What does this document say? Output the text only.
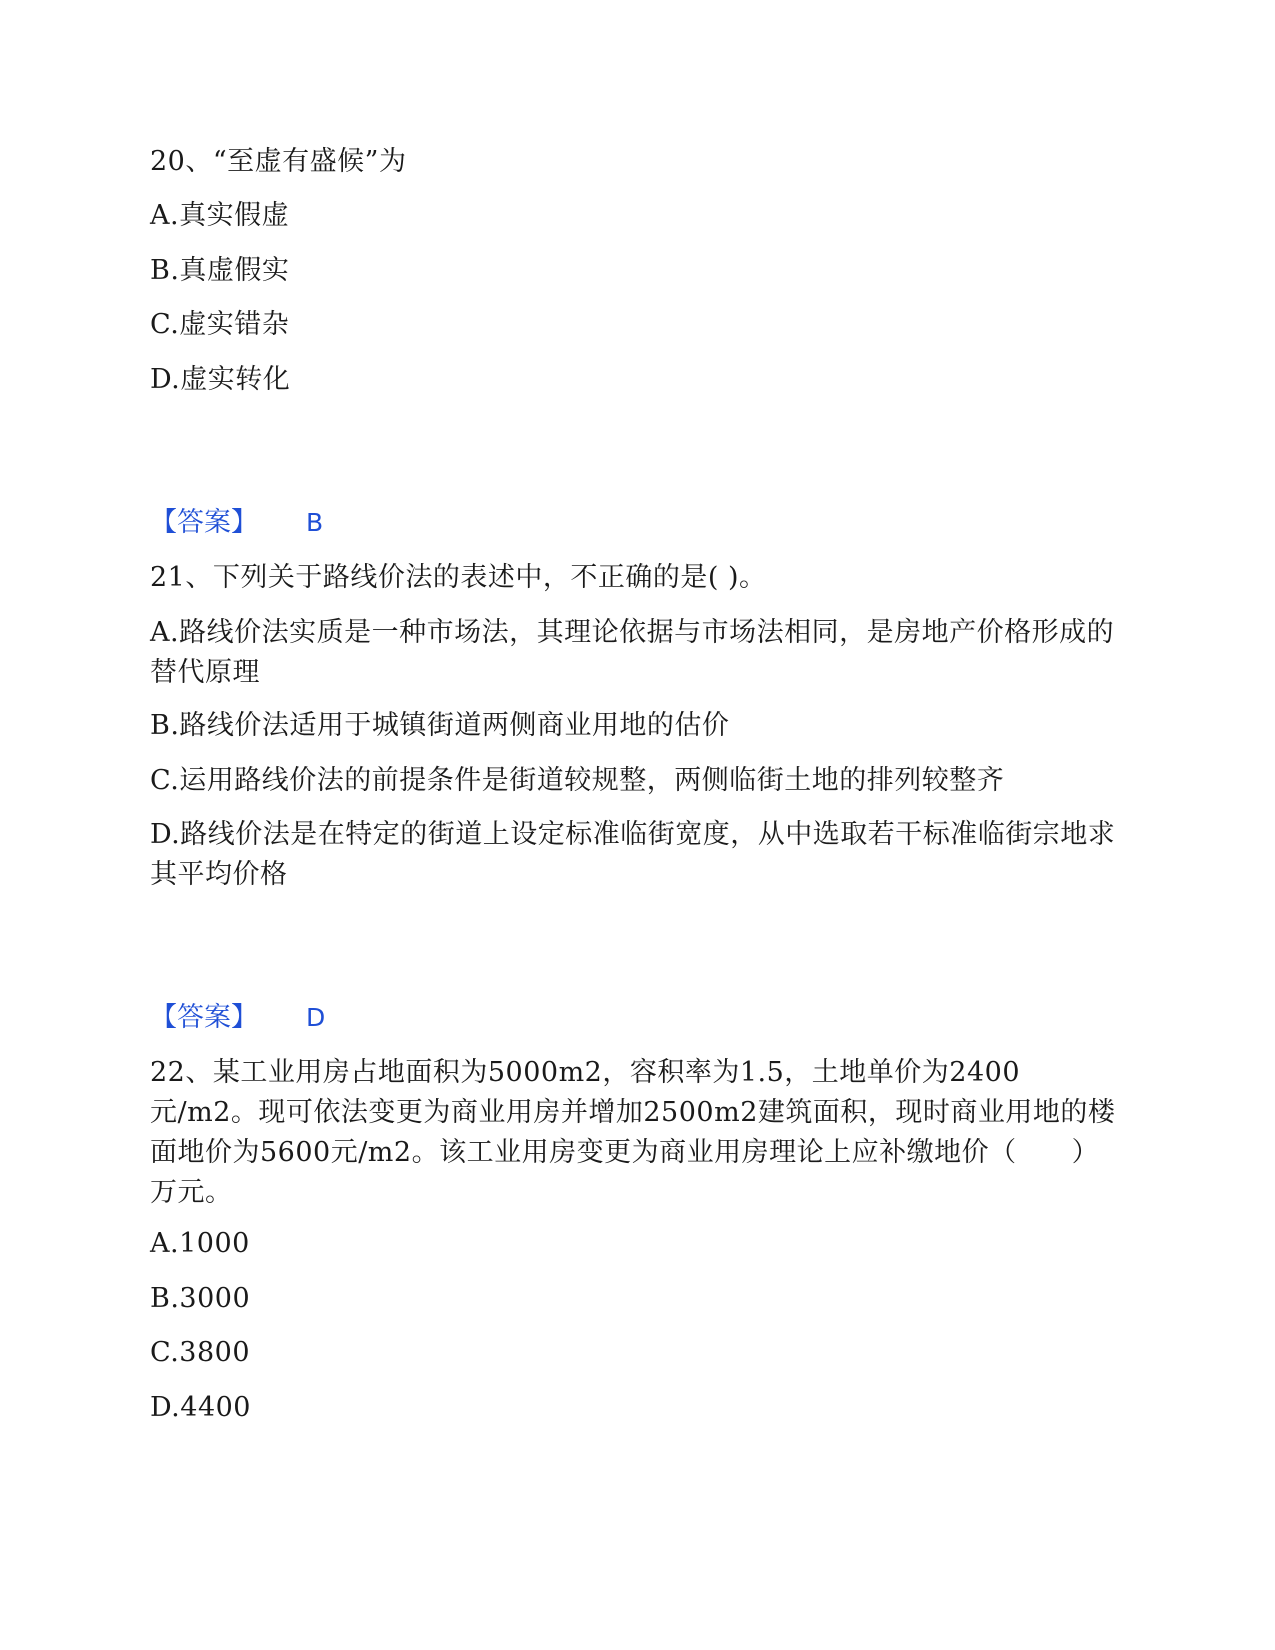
20、“至虚有盛候”为
A.真实假虚
B.真虚假实
C.虚实错杂
D.虚实转化
【答案】 B
21、下列关于路线价法的表述中，不正确的是( )。
A.路线价法实质是一种市场法，其理论依据与市场法相同，是房地产价格形成的替代原理
B.路线价法适用于城镇街道两侧商业用地的估价
C.运用路线价法的前提条件是街道较规整，两侧临街土地的排列较整齐
D.路线价法是在特定的街道上设定标准临街宽度，从中选取若干标准临街宗地求其平均价格
【答案】 D
22、某工业用房占地面积为5000m2，容积率为1.5，土地单价为2400元/m2。现可依法变更为商业用房并增加2500m2建筑面积，现时商业用地的楼面地价为5600元/m2。该工业用房变更为商业用房理论上应补缴地价（　　）万元。
A.1000
B.3000
C.3800
D.4400
